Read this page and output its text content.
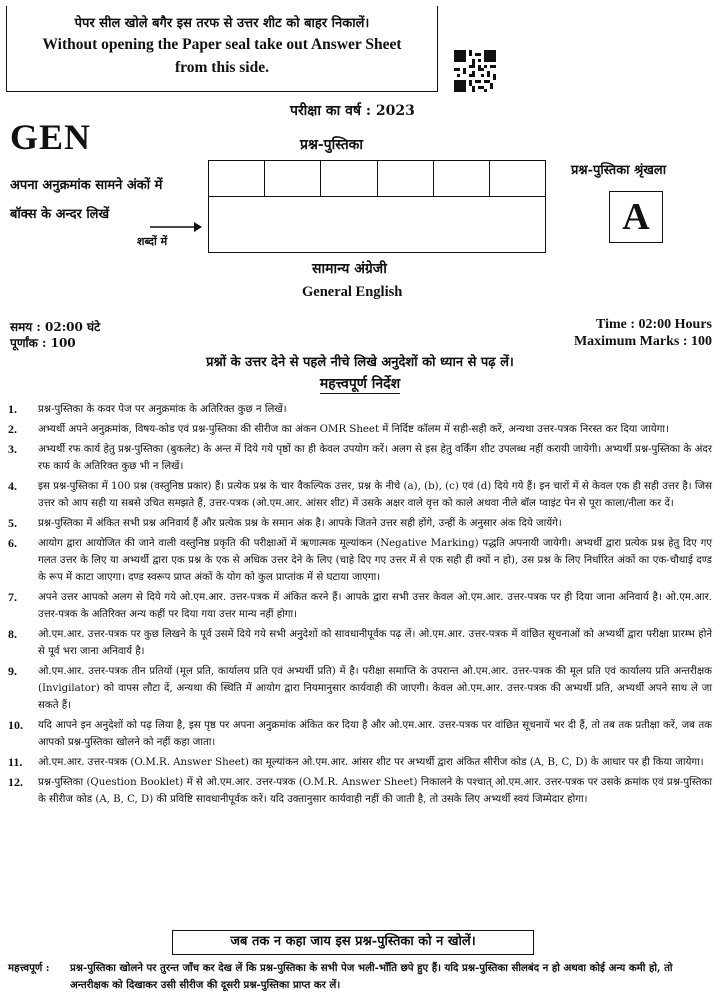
पेपर सील खोले बगैर इस तरफ से उत्तर शीट को बाहर निकालें।
Without opening the Paper seal take out Answer Sheet
from this side.
परीक्षा का वर्ष : 2023
GEN	प्रश्न-पुस्तिका
अपना अनुक्रमांक सामने अंकों में
बॉक्स के अन्दर लिखें
शब्दों में
प्रश्न-पुस्तिका श्रृंखला
A
सामान्य अंग्रेजी
General English
समय : 02:00 घंटे
पूर्णांक : 100
Time : 02:00 Hours
Maximum Marks : 100
प्रश्नों के उत्तर देने से पहले नीचे लिखे अनुदेशों को ध्यान से पढ़ लें।
महत्त्वपूर्ण निर्देश
1.	प्रश्न-पुस्तिका के कवर पेज पर अनुक्रमांक के अतिरिक्त कुछ न लिखें।
2.	अभ्यर्थी अपने अनुक्रमांक, विषय-कोड एवं प्रश्न-पुस्तिका की सीरीज का अंकन OMR Sheet में निर्दिष्ट कॉलम में सही-सही करें, अन्यथा उत्तर-पत्रक निरस्त कर दिया जायेगा।
3.	अभ्यर्थी रफ कार्य हेतु प्रश्न-पुस्तिका (बुकलेट) के अन्त में दिये गये पृष्ठों का ही केवल उपयोग करें। अलग से इस हेतु वर्किंग शीट उपलब्ध नहीं करायी जायेगी। अभ्यर्थी प्रश्न-पुस्तिका के अंदर रफ कार्य के अतिरिक्त कुछ भी न लिखें।
4.	इस प्रश्न-पुस्तिका में 100 प्रश्न (वस्तुनिष्ठ प्रकार) हैं। प्रत्येक प्रश्न के चार वैकल्पिक उत्तर, प्रश्न के नीचे (a), (b), (c) एवं (d) दिये गये हैं। इन चारों में से केवल एक ही सही उत्तर है। जिस उत्तर को आप सही या सबसे उचित समझते हैं, उत्तर-पत्रक (ओ.एम.आर. आंसर शीट) में उसके अक्षर वाले वृत्त को काले अथवा नीले बॉल प्वाइंट पेन से पूरा काला/नीला कर दें।
5.	प्रश्न-पुस्तिका में अंकित सभी प्रश्न अनिवार्य हैं और प्रत्येक प्रश्न के समान अंक है। आपके जितने उत्तर सही होंगे, उन्हीं के अनुसार अंक दिये जायेंगे।
6.	आयोग द्वारा आयोजित की जाने वाली वस्तुनिष्ठ प्रकृति की परीक्षाओं में ऋणात्मक मूल्यांकन (Negative Marking) पद्धति अपनायी जायेगी। अभ्यर्थी द्वारा प्रत्येक प्रश्न हेतु दिए गए गलत उत्तर के लिए या अभ्यर्थी द्वारा एक प्रश्न के एक से अधिक उत्तर देने के लिए (चाहे दिए गए उत्तर में से एक सही ही क्यों न हो), उस प्रश्न के लिए निर्धारित अंकों का एक-चौथाई दण्ड के रूप में काटा जाएगा। दण्ड स्वरूप प्राप्त अंकों के योग को कुल प्राप्तांक में से घटाया जाएगा।
7.	अपने उत्तर आपको अलग से दिये गये ओ.एम.आर. उत्तर-पत्रक में अंकित करने हैं। आपके द्वारा सभी उत्तर केवल ओ.एम.आर. उत्तर-पत्रक पर ही दिया जाना अनिवार्य है। ओ.एम.आर. उत्तर-पत्रक के अतिरिक्त अन्य कहीं पर दिया गया उत्तर मान्य नहीं होगा।
8.	ओ.एम.आर. उत्तर-पत्रक पर कुछ लिखने के पूर्व उसमें दिये गये सभी अनुदेशों को सावधानीपूर्वक पढ़ लें। ओ.एम.आर. उत्तर-पत्रक में वांछित सूचनाओं को अभ्यर्थी द्वारा परीक्षा प्रारम्भ होने से पूर्व भरा जाना अनिवार्य है।
9.	ओ.एम.आर. उत्तर-पत्रक तीन प्रतियों (मूल प्रति, कार्यालय प्रति एवं अभ्यर्थी प्रति) में है। परीक्षा समाप्ति के उपरान्त ओ.एम.आर. उत्तर-पत्रक की मूल प्रति एवं कार्यालय प्रति अन्तरीक्षक (Invigilator) को वापस लौटा दें, अन्यथा की स्थिति में आयोग द्वारा नियमानुसार कार्यवाही की जाएगी। केवल ओ.एम.आर. उत्तर-पत्रक की अभ्यर्थी प्रति, अभ्यर्थी अपने साथ ले जा सकते हैं।
10.	यदि आपने इन अनुदेशों को पढ़ लिया है, इस पृष्ठ पर अपना अनुक्रमांक अंकित कर दिया है और ओ.एम.आर. उत्तर-पत्रक पर वांछित सूचनायें भर दी हैं, तो तब तक प्रतीक्षा करें, जब तक आपको प्रश्न-पुस्तिका खोलने को नहीं कहा जाता।
11.	ओ.एम.आर. उत्तर-पत्रक (O.M.R. Answer Sheet) का मूल्यांकन ओ.एम.आर. आंसर शीट पर अभ्यर्थी द्वारा अंकित सीरीज कोड (A, B, C, D) के आधार पर ही किया जायेगा।
12.	प्रश्न-पुस्तिका (Question Booklet) में से ओ.एम.आर. उत्तर-पत्रक (O.M.R. Answer Sheet) निकालने के पश्चात् ओ.एम.आर. उत्तर-पत्रक पर उसके क्रमांक एवं प्रश्न-पुस्तिका के सीरीज कोड (A, B, C, D) की प्रविष्टि सावधानीपूर्वक करें। यदि उक्तानुसार कार्यवाही नहीं की जाती है, तो उसके लिए अभ्यर्थी स्वयं जिम्मेदार होगा।
जब तक न कहा जाय इस प्रश्न-पुस्तिका को न खोलें।
महत्त्वपूर्ण :	प्रश्न-पुस्तिका खोलने पर तुरन्त जाँच कर देख लें कि प्रश्न-पुस्तिका के सभी पेज भली-भाँति छपे हुए हैं। यदि प्रश्न-पुस्तिका सीलबंद न हो अथवा कोई अन्य कमी हो, तो अन्तरीक्षक को दिखाकर उसी सीरीज की दूसरी प्रश्न-पुस्तिका प्राप्त कर लें।
